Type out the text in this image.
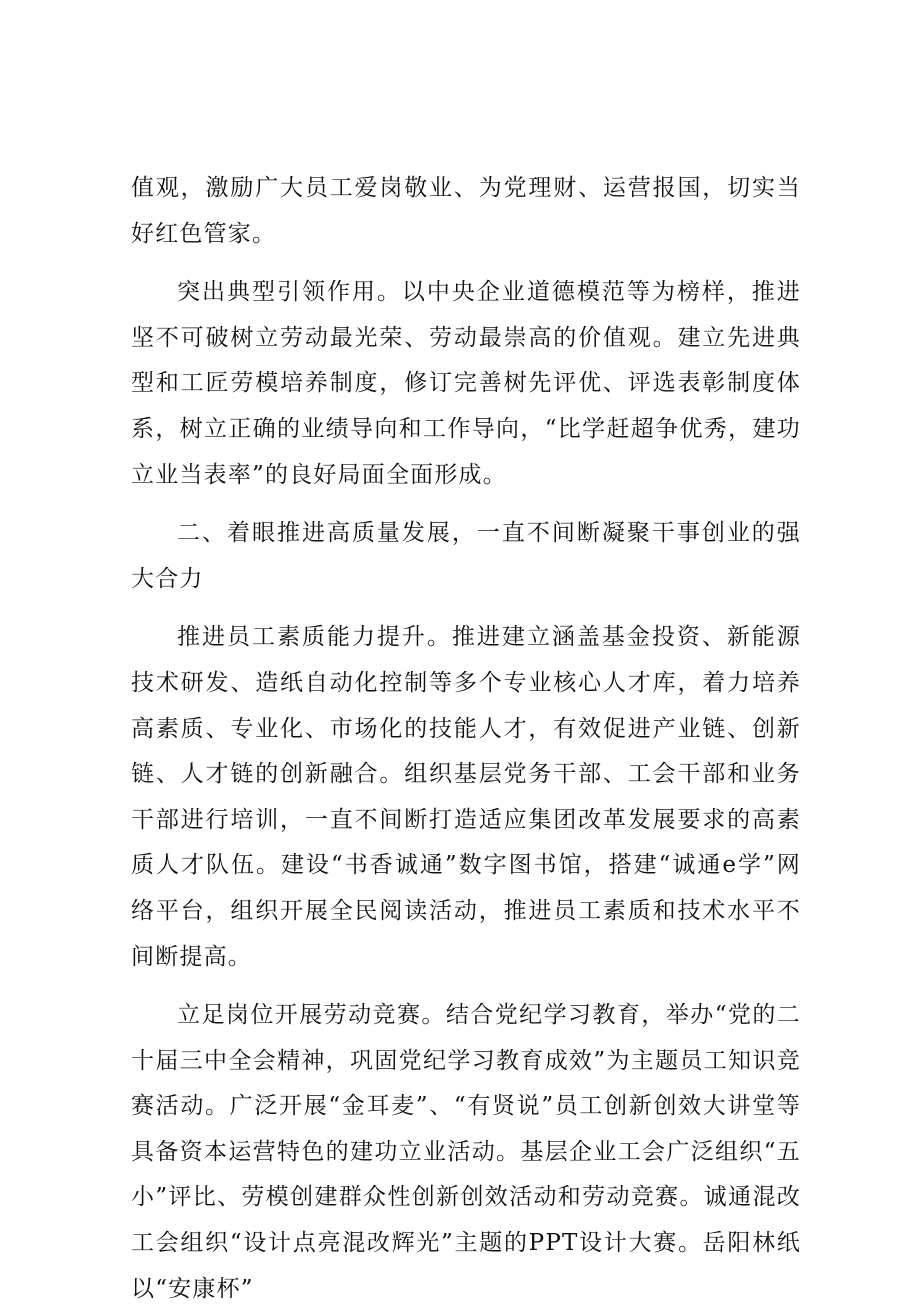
值观，激励广大员工爱岗敬业、为党理财、运营报国，切实当好红色管家。

突出典型引领作用。以中央企业道德模范等为榜样，推进坚不可破树立劳动最光荣、劳动最崇高的价值观。建立先进典型和工匠劳模培养制度，修订完善树先评优、评选表彰制度体系，树立正确的业绩导向和工作导向，“比学赶超争优秀，建功立业当表率”的良好局面全面形成。

二、着眼推进高质量发展，一直不间断凝聚干事创业的强大合力

推进员工素质能力提升。推进建立涵盖基金投资、新能源技术研发、造纸自动化控制等多个专业核心人才库，着力培养高素质、专业化、市场化的技能人才，有效促进产业链、创新链、人才链的创新融合。组织基层党务干部、工会干部和业务干部进行培训，一直不间断打造适应集团改革发展要求的高素质人才队伍。建设“书香诚通”数字图书馆，搭建“诚通e学”网络平台，组织开展全民阅读活动，推进员工素质和技术水平不间断提高。

立足岗位开展劳动竞赛。结合党纪学习教育，举办“党的二十届三中全会精神，巩固党纪学习教育成效”为主题员工知识竞赛活动。广泛开展“金耳麦”、“有贤说”员工创新创效大讲堂等具备资本运营特色的建功立业活动。基层企业工会广泛组织“五小”评比、劳模创建群众性创新创效活动和劳动竞赛。诚通混改工会组织“设计点亮混改辉光”主题的PPT设计大赛。岳阳林纸以“安康杯”
